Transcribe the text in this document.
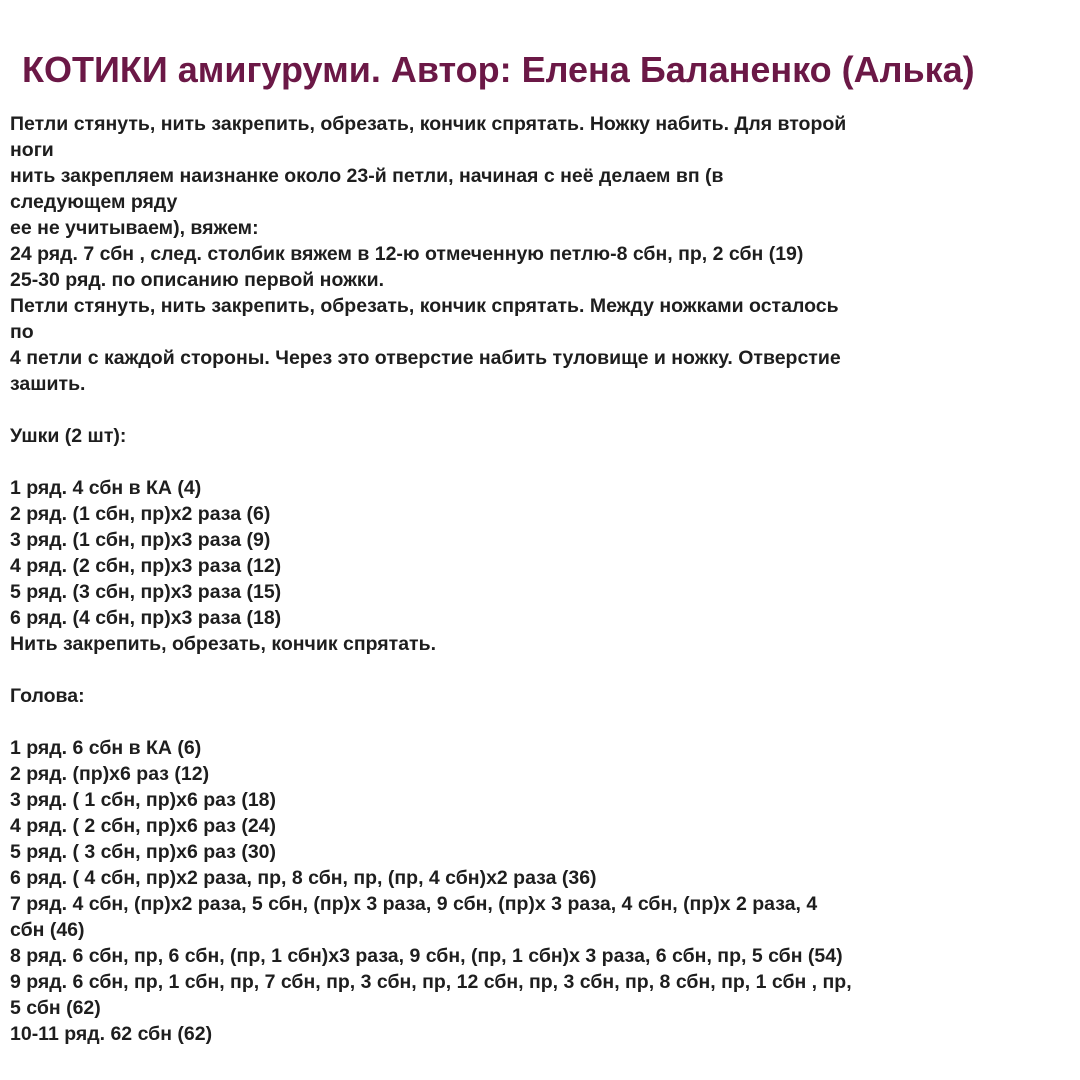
КОТИКИ амигуруми. Автор: Елена Баланенко (Алька)
Петли стянуть, нить закрепить, обрезать, кончик спрятать. Ножку набить. Для второй
ноги
нить закрепляем наизнанке около 23-й петли, начиная с неё делаем вп (в
следующем ряду
ее не учитываем), вяжем:
24 ряд. 7 сбн , след. столбик вяжем в 12-ю отмеченную петлю-8 сбн, пр, 2 сбн (19)
25-30 ряд. по описанию первой ножки.
Петли стянуть, нить закрепить, обрезать, кончик спрятать. Между ножками осталось
по
4 петли с каждой стороны. Через это отверстие набить туловище и ножку. Отверстие
зашить.
Ушки (2 шт):
1 ряд. 4 сбн в КА (4)
2 ряд. (1 сбн, пр)х2 раза (6)
3 ряд. (1 сбн, пр)х3 раза (9)
4 ряд. (2 сбн, пр)х3 раза (12)
5 ряд. (3 сбн, пр)х3 раза (15)
6 ряд. (4 сбн, пр)х3 раза (18)
Нить закрепить, обрезать, кончик спрятать.
Голова:
1 ряд. 6 сбн в КА (6)
2 ряд. (пр)х6 раз (12)
3 ряд. ( 1 сбн, пр)х6 раз (18)
4 ряд. ( 2 сбн, пр)х6 раз (24)
5 ряд. ( 3 сбн, пр)х6 раз (30)
6 ряд. ( 4 сбн, пр)х2 раза, пр, 8 сбн, пр, (пр, 4 сбн)х2 раза (36)
7 ряд. 4 сбн, (пр)х2 раза, 5 сбн, (пр)х 3 раза, 9 сбн, (пр)х 3 раза, 4 сбн, (пр)х 2 раза, 4
сбн (46)
8 ряд. 6 сбн, пр, 6 сбн, (пр, 1 сбн)х3 раза, 9 сбн, (пр, 1 сбн)х 3 раза, 6 сбн, пр, 5 сбн (54)
9 ряд. 6 сбн, пр, 1 сбн, пр, 7 сбн, пр, 3 сбн, пр, 12 сбн, пр, 3 сбн, пр, 8 сбн, пр, 1 сбн , пр,
5 сбн (62)
10-11 ряд. 62 сбн (62)
